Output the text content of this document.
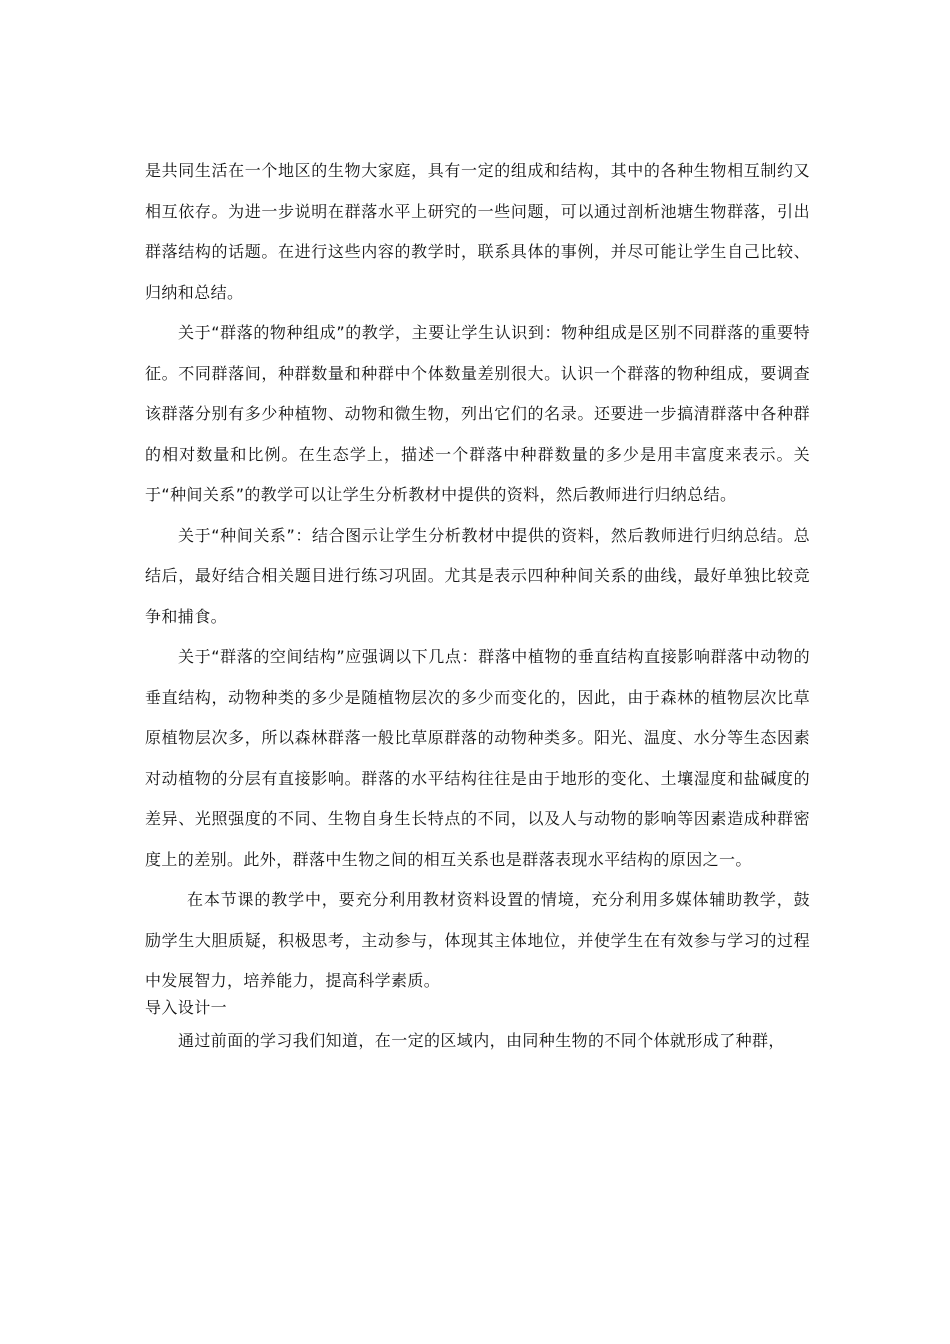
是共同生活在一个地区的生物大家庭，具有一定的组成和结构，其中的各种生物相互制约又相互依存。为进一步说明在群落水平上研究的一些问题，可以通过剖析池塘生物群落，引出群落结构的话题。在进行这些内容的教学时，联系具体的事例，并尽可能让学生自己比较、归纳和总结。

关于“群落的物种组成”的教学，主要让学生认识到：物种组成是区别不同群落的重要特征。不同群落间，种群数量和种群中个体数量差别很大。认识一个群落的物种组成，要调查该群落分别有多少种植物、动物和微生物，列出它们的名录。还要进一步搞清群落中各种群的相对数量和比例。在生态学上，描述一个群落中种群数量的多少是用丰富度来表示。关于“种间关系”的教学可以让学生分析教材中提供的资料，然后教师进行归纳总结。

关于“种间关系”：结合图示让学生分析教材中提供的资料，然后教师进行归纳总结。总结后，最好结合相关题目进行练习巩固。尤其是表示四种种间关系的曲线，最好单独比较竞争和捕食。

关于“群落的空间结构”应强调以下几点：群落中植物的垂直结构直接影响群落中动物的垂直结构，动物种类的多少是随植物层次的多少而变化的，因此，由于森林的植物层次比草原植物层次多，所以森林群落一般比草原群落的动物种类多。阳光、温度、水分等生态因素对动植物的分层有直接影响。群落的水平结构往往是由于地形的变化、土壤湿度和盐碱度的差异、光照强度的不同、生物自身生长特点的不同，以及人与动物的影响等因素造成种群密度上的差别。此外，群落中生物之间的相互关系也是群落表现水平结构的原因之一。

在本节课的教学中，要充分利用教材资料设置的情境，充分利用多媒体辅助教学，鼓励学生大胆质疑，积极思考，主动参与，体现其主体地位，并使学生在有效参与学习的过程中发展智力，培养能力，提高科学素质。

导入设计一

通过前面的学习我们知道，在一定的区域内，由同种生物的不同个体就形成了种群，
